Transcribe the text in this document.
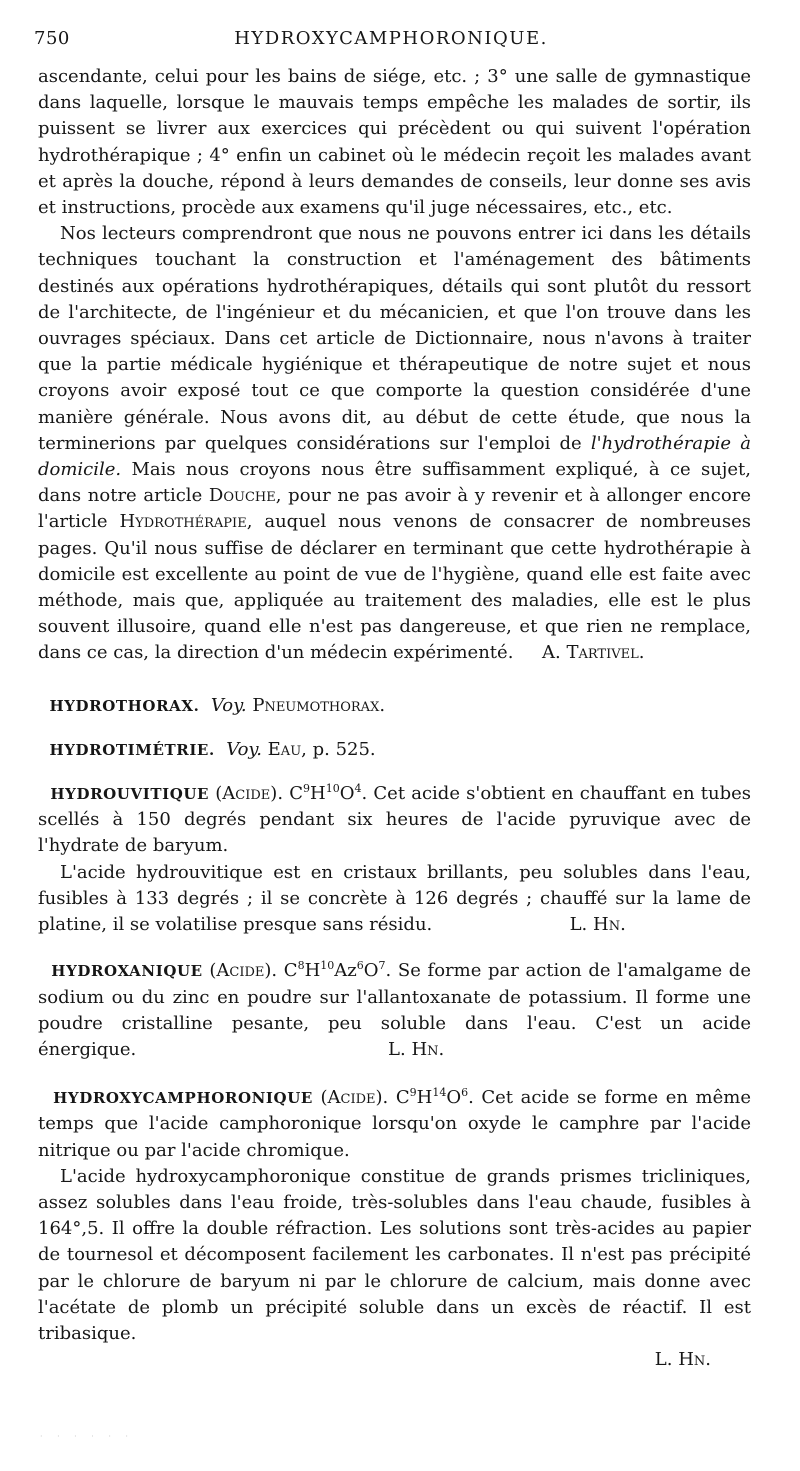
750	HYDROXYCAMPHORONIQUE.

ascendante, celui pour les bains de siége, etc. ; 3° une salle de gymnastique dans laquelle, lorsque le mauvais temps empêche les malades de sortir, ils puissent se livrer aux exercices qui précèdent ou qui suivent l'opération hydrothérapique ; 4° enfin un cabinet où le médecin reçoit les malades avant et après la douche, répond à leurs demandes de conseils, leur donne ses avis et instructions, procède aux examens qu'il juge nécessaires, etc., etc.

Nos lecteurs comprendront que nous ne pouvons entrer ici dans les détails techniques touchant la construction et l'aménagement des bâtiments destinés aux opérations hydrothérapiques, détails qui sont plutôt du ressort de l'architecte, de l'ingénieur et du mécanicien, et que l'on trouve dans les ouvrages spéciaux. Dans cet article de Dictionnaire, nous n'avons à traiter que la partie médicale hygiénique et thérapeutique de notre sujet et nous croyons avoir exposé tout ce que comporte la question considérée d'une manière générale. Nous avons dit, au début de cette étude, que nous la terminerions par quelques considérations sur l'emploi de l'hydrothérapie à domicile. Mais nous croyons nous être suffisamment expliqué, à ce sujet, dans notre article Douche, pour ne pas avoir à y revenir et à allonger encore l'article Hydrothérapie, auquel nous venons de consacrer de nombreuses pages. Qu'il nous suffise de déclarer en terminant que cette hydrothérapie à domicile est excellente au point de vue de l'hygiène, quand elle est faite avec méthode, mais que, appliquée au traitement des maladies, elle est le plus souvent illusoire, quand elle n'est pas dangereuse, et que rien ne remplace, dans ce cas, la direction d'un médecin expérimenté. A. Tartivel.

HYDROTHORAX. Voy. Pneumothorax.

HYDROTIMÉTRIE. Voy. Eau, p. 525.

HYDROUVITIQUE (Acide). $C^9H^{10}O^4$. Cet acide s'obtient en chauffant en tubes scellés à 150 degrés pendant six heures de l'acide pyruvique avec de l'hydrate de baryum.

L'acide hydrouvitique est en cristaux brillants, peu solubles dans l'eau, fusibles à 133 degrés ; il se concrète à 126 degrés ; chauffé sur la lame de platine, il se volatilise presque sans résidu.	L. Hn.

HYDROXANIQUE (Acide). $C^8H^{10}Az^6O^7$. Se forme par action de l'amalgame de sodium ou du zinc en poudre sur l'allantoxanate de potassium. Il forme une poudre cristalline pesante, peu soluble dans l'eau. C'est un acide énergique.	L. Hn.

HYDROXYCAMPHORONIQUE (Acide). $C^9H^{14}O^6$. Cet acide se forme en même temps que l'acide camphoronique lorsqu'on oxyde le camphre par l'acide nitrique ou par l'acide chromique.

L'acide hydroxycamphoronique constitue de grands prismes tricliniques, assez solubles dans l'eau froide, très-solubles dans l'eau chaude, fusibles à 164°,5. Il offre la double réfraction. Les solutions sont très-acides au papier de tournesol et décomposent facilement les carbonates. Il n'est pas précipité par le chlorure de baryum ni par le chlorure de calcium, mais donne avec l'acétate de plomb un précipité soluble dans un excès de réactif. Il est tribasique.

L. Hn.

· · · · · ·
